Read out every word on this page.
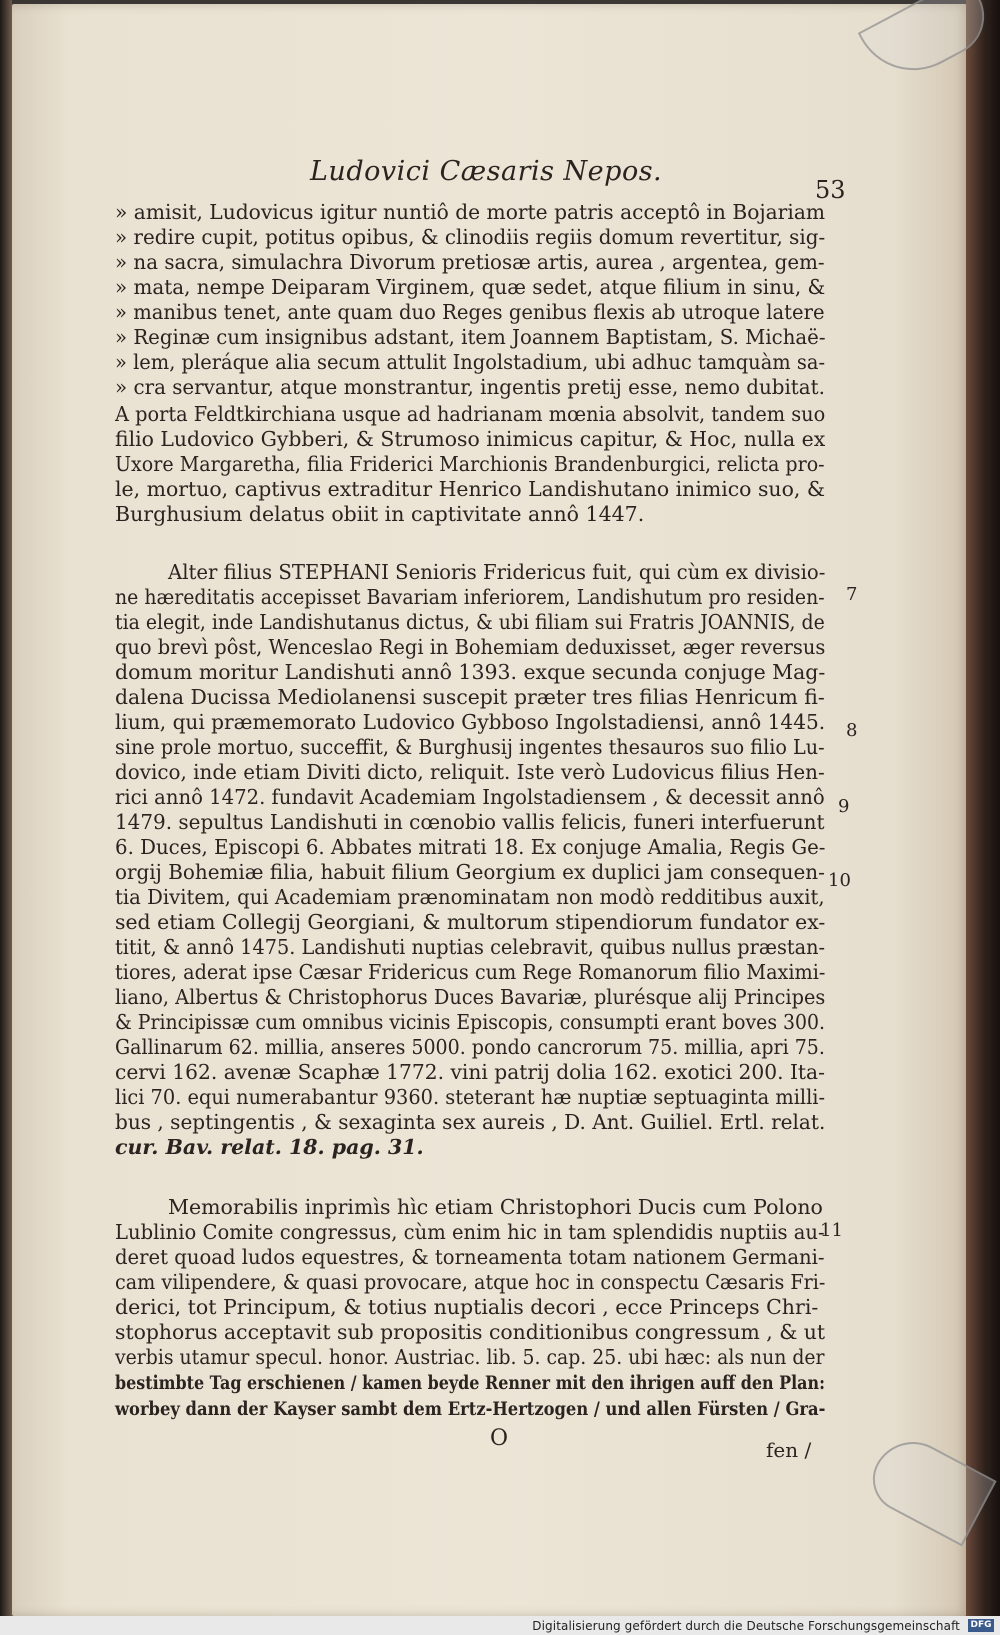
Ludovici Cæsaris Nepos.
53
» amisit, Ludovicus igitur nuntiô de morte patris acceptô in Bojariam
» redire cupit, potitus opibus, & clinodiis regiis domum revertitur, sig-
» na sacra, simulachra Divorum pretiosæ artis, aurea , argentea, gem-
» mata, nempe Deiparam Virginem, quæ sedet, atque filium in sinu, &
» manibus tenet, ante quam duo Reges genibus flexis ab utroque latere
» Reginæ cum insignibus adstant, item Joannem Baptistam, S. Michaë-
» lem, pleráque alia secum attulit Ingolstadium, ubi adhuc tamquàm sa-
» cra servantur, atque monstrantur, ingentis pretij esse, nemo dubitat.
A porta Feldtkirchiana usque ad hadrianam mœnia absolvit, tandem suo
filio Ludovico Gybberi, & Strumoso inimicus capitur, & Hoc, nulla ex
Uxore Margaretha, filia Friderici Marchionis Brandenburgici, relicta pro-
le, mortuo, captivus extraditur Henrico Landishutano inimico suo, &
Burghusium delatus obiit in captivitate annô 1447.
Alter filius STEPHANI Senioris Fridericus fuit, qui cùm ex divisio-
ne hæreditatis accepisset Bavariam inferiorem, Landishutum pro residen-
tia elegit, inde Landishutanus dictus, & ubi filiam sui Fratris JOANNIS, de
quo brevì pôst, Wenceslao Regi in Bohemiam deduxisset, æger reversus
domum moritur Landishuti annô 1393. exque secunda conjuge Mag-
dalena Ducissa Mediolanensi suscepit præter tres filias Henricum fi-
lium, qui præmemorato Ludovico Gybboso Ingolstadiensi, annô 1445.
sine prole mortuo, succeffit, & Burghusij ingentes thesauros suo filio Lu-
dovico, inde etiam Diviti dicto, reliquit. Iste verò Ludovicus filius Hen-
rici annô 1472. fundavit Academiam Ingolstadiensem , & decessit annô
1479. sepultus Landishuti in cœnobio vallis felicis, funeri interfuerunt
6. Duces, Episcopi 6. Abbates mitrati 18. Ex conjuge Amalia, Regis Ge-
orgij Bohemiæ filia, habuit filium Georgium ex duplici jam consequen-
tia Divitem, qui Academiam prænominatam non modò redditibus auxit,
sed etiam Collegij Georgiani, & multorum stipendiorum fundator ex-
titit, & annô 1475. Landishuti nuptias celebravit, quibus nullus præstan-
tiores, aderat ipse Cæsar Fridericus cum Rege Romanorum filio Maximi-
liano, Albertus & Christophorus Duces Bavariæ, plurésque alij Principes
& Principissæ cum omnibus vicinis Episcopis, consumpti erant boves 300.
Gallinarum 62. millia, anseres 5000. pondo cancrorum 75. millia, apri 75.
cervi 162. avenæ Scaphæ 1772. vini patrij dolia 162. exotici 200. Ita-
lici 70. equi numerabantur 9360. steterant hæ nuptiæ septuaginta milli-
bus , septingentis , & sexaginta sex aureis , D. Ant. Guiliel. Ertl. relat.
cur. Bav. relat. 18. pag. 31.
Memorabilis inprimìs hìc etiam Christophori Ducis cum Polono
Lublinio Comite congressus, cùm enim hic in tam splendidis nuptiis au-
deret quoad ludos equestres, & torneamenta totam nationem Germani-
cam vilipendere, & quasi provocare, atque hoc in conspectu Cæsaris Fri-
derici, tot Principum, & totius nuptialis decori , ecce Princeps Chri-
stophorus acceptavit sub propositis conditionibus congressum , & ut
verbis utamur specul. honor. Austriac. lib. 5. cap. 25. ubi hæc: als nun der
bestimbte Tag erschienen / kamen beyde Renner mit den ihrigen auff den Plan:
worbey dann der Kayser sambt dem Ertz-Hertzogen / und allen Fürsten / Gra-
7
8
9
10
11
O	fen /
Digitalisierung gefördert durch die Deutsche Forschungsgemeinschaft DFG
